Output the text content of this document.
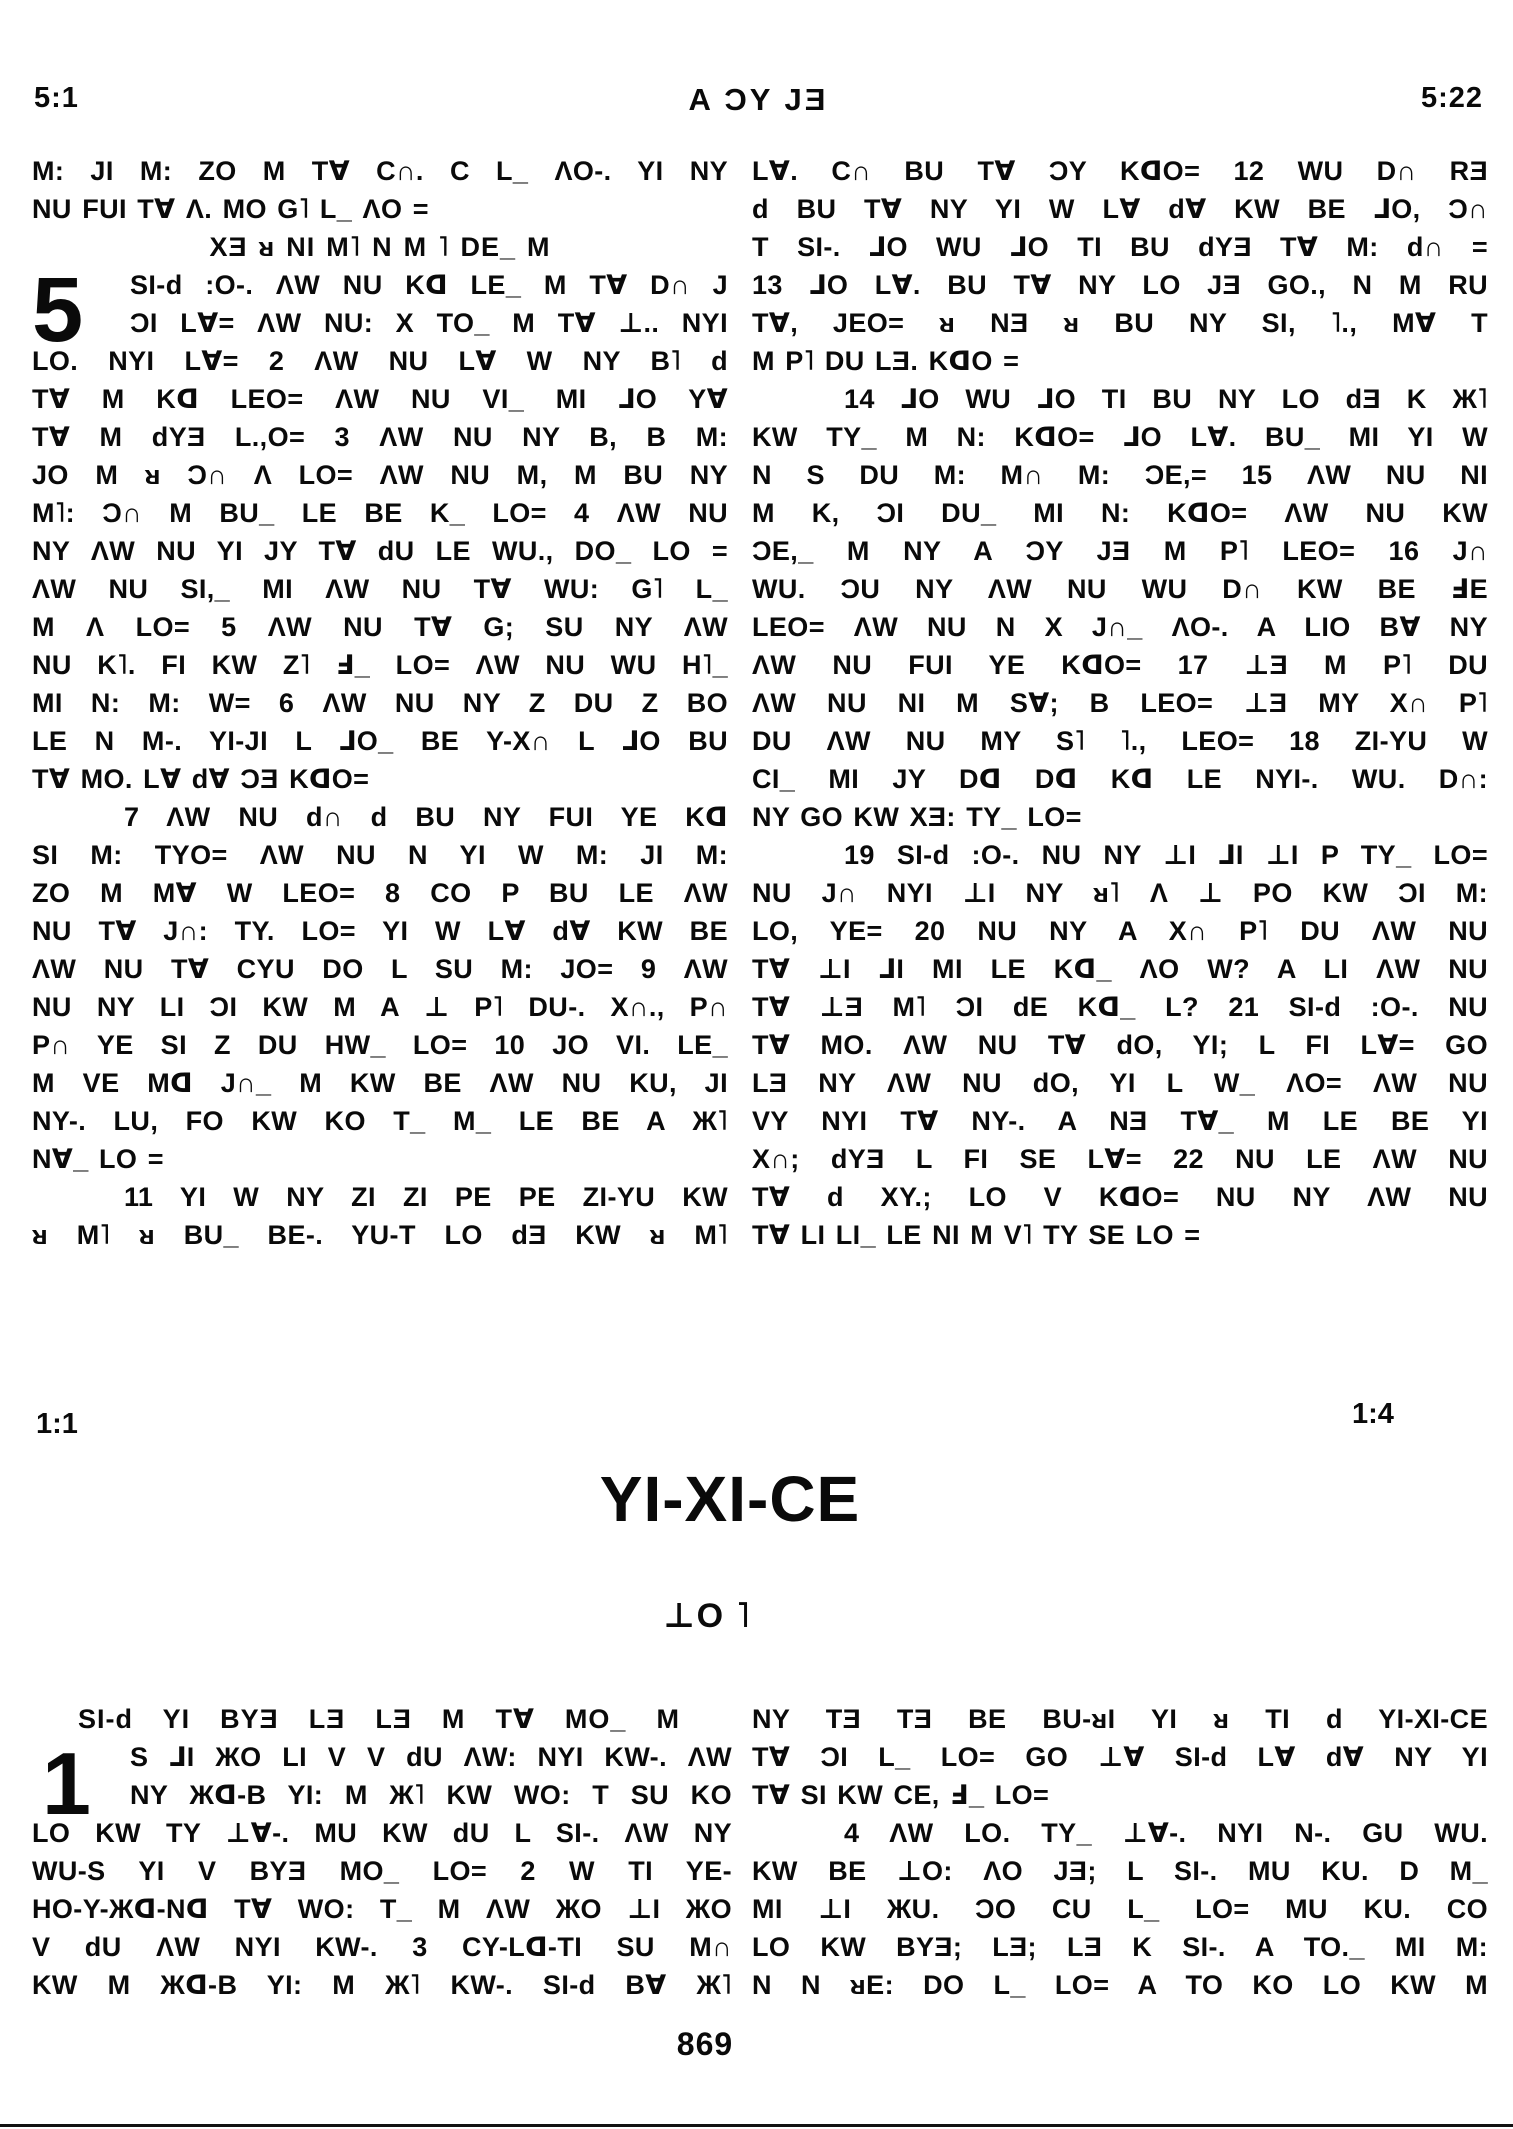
5:1	A ƆY JƎ	5:22
5
M: JI M: ZO M T∀ C∩. C L_ ΛO-. YI NY
NU FUI T∀ Λ. MO G˥ L_ ΛO =
XƎ ᴚ NI M˥ N M ˥ DE_ M
SI-d :O-. ΛW NU Kᗡ LE_ M T∀ D∩ J
ƆI L∀= ΛW NU: X TO_ M T∀ ⊥.. NYI
LO. NYI L∀= 2 ΛW NU L∀ W NY B˥ d
T∀ M Kᗡ LEO= ΛW NU VI_ MI ⅃O Y∀
T∀ M dYƎ L.,O= 3 ΛW NU NY B, B M:
JO M ᴚ Ɔ∩ Λ LO= ΛW NU M, M BU NY
M˥: Ɔ∩ M BU_ LE BE K_ LO= 4 ΛW NU
NY ΛW NU YI JY T∀ dU LE WU., DO_ LO =
ΛW NU SI,_ MI ΛW NU T∀ WU: G˥ L_
M Λ LO= 5 ΛW NU T∀ G; SU NY ΛW
NU K˥. FI KW Z˥ Ⅎ_ LO= ΛW NU WU H˥_
MI N: M: W= 6 ΛW NU NY Z DU Z BO
LE N M-. YI-JI L ⅃O_ BE Y-X∩ L ⅃O BU
T∀ MO. L∀ d∀ ƆƎ KᗡO=
7 ΛW NU d∩ d BU NY FUI YE Kᗡ
SI M: TYO= ΛW NU N YI W M: JI M:
ZO M M∀ W LEO= 8 CO P BU LE ΛW
NU T∀ J∩: TY. LO= YI W L∀ d∀ KW BE
ΛW NU T∀ CYU DO L SU M: JO= 9 ΛW
NU NY LI ƆI KW M A ⊥ P˥ DU-. X∩., P∩
P∩ YE SI Z DU HW_ LO= 10 JO VI. LE_
M VE Mᗡ J∩_ M KW BE ΛW NU KU, JI
NY-. LU, FO KW KO T_ M_ LE BE A Ж˥
N∀_ LO =
11 YI W NY ZI ZI PE PE ZI-YU KW
ᴚ M˥ ᴚ BU_ BE-. YU-T LO dƎ KW ᴚ M˥
L∀. C∩ BU T∀ ƆY KᗡO= 12 WU D∩ RƎ
d BU T∀ NY YI W L∀ d∀ KW BE ⅃O, Ɔ∩
T SI-. ⅃O WU ⅃O TI BU dYƎ T∀ M: d∩ =
13 ⅃O L∀. BU T∀ NY LO JƎ GO., N M RU
T∀, JEO= ᴚ NƎ ᴚ BU NY SI, ˥., M∀ T
M P˥ DU LƎ. KᗡO =
14 ⅃O WU ⅃O TI BU NY LO dƎ K Ж˥
KW TY_ M N: KᗡO= ⅃O L∀. BU_ MI YI W
N S DU M: M∩ M: ƆE,= 15 ΛW NU NI
M K, ƆI DU_ MI N: KᗡO= ΛW NU KW
ƆE,_ M NY A ƆY JƎ M P˥ LEO= 16 J∩
WU. ƆU NY ΛW NU WU D∩ KW BE ℲE
LEO= ΛW NU N X J∩_ ΛO-. A LIO B∀ NY
ΛW NU FUI YE KᗡO= 17 ⊥Ǝ M P˥ DU
ΛW NU NI M S∀; B LEO= ⊥Ǝ MY X∩ P˥
DU ΛW NU MY S˥ ˥., LEO= 18 ZI-YU W
CI_ MI JY Dᗡ Dᗡ Kᗡ LE NYI-. WU. D∩:
NY GO KW XƎ: TY_ LO=
19 SI-d :O-. NU NY ⊥I ⅃I ⊥I P TY_ LO=
NU J∩ NYI ⊥I NY ᴚ˥ Λ ⊥ PO KW ƆI M:
LO, YE= 20 NU NY A X∩ P˥ DU ΛW NU
T∀ ⊥I ⅃I MI LE Kᗡ_ ΛO W? A LI ΛW NU
T∀ ⊥Ǝ M˥ ƆI dE Kᗡ_ L? 21 SI-d :O-. NU
T∀ MO. ΛW NU T∀ dO, YI; L FI L∀= GO
LƎ NY ΛW NU dO, YI L W_ ΛO= ΛW NU
VY NYI T∀ NY-. A NƎ T∀_ M LE BE YI
X∩; dYƎ L FI SE L∀= 22 NU LE ΛW NU
T∀ d XY.; LO V KᗡO= NU NY ΛW NU
T∀ LI LI_ LE NI M V˥ TY SE LO =
1:1	1:4
YI-XI-CE
⊥O ˥
1
SI-d YI BYƎ LƎ LƎ M T∀ MO_ M
S ⅃I ЖO LI V V dU ΛW: NYI KW-. ΛW
NY Жᗡ-B YI: M Ж˥ KW WO: T SU KO
LO KW TY ⊥∀-. MU KW dU L SI-. ΛW NY
WU-S YI V BYƎ MO_ LO= 2 W TI YE-
HO-Y-Жᗡ-Nᗡ T∀ WO: T_ M ΛW ЖO ⊥I ЖO
V dU ΛW NYI KW-. 3 CY-Lᗡ-TI SU M∩
KW M Жᗡ-B YI: M Ж˥ KW-. SI-d B∀ Ж˥
NY TƎ TƎ BE BU-ᴚI YI ᴚ TI d YI-XI-CE
T∀ ƆI L_ LO= GO ⊥∀ SI-d L∀ d∀ NY YI
T∀ SI KW CE, Ⅎ_ LO=
4 ΛW LO. TY_ ⊥∀-. NYI N-. GU WU.
KW BE ⊥O: ΛO JƎ; L SI-. MU KU. D M_
MI ⊥I ЖU. ƆO CU L_ LO= MU KU. CO
LO KW BYƎ; LƎ; LƎ K SI-. A TO._ MI M:
N N ᴚE: DO L_ LO= A TO KO LO KW M
869
